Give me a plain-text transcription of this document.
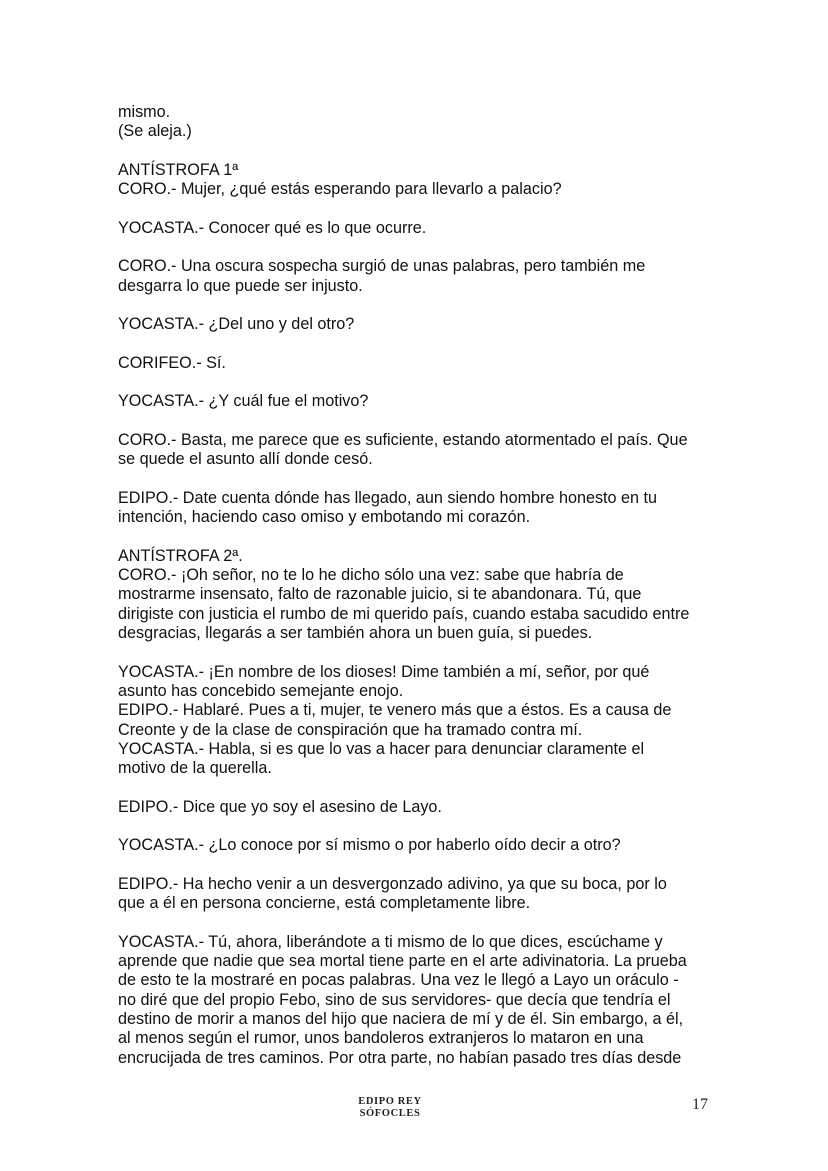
mismo.
(Se aleja.)
ANTÍSTROFA 1ª
CORO.- Mujer, ¿qué estás esperando para llevarlo a palacio?
YOCASTA.- Conocer qué es lo que ocurre.
CORO.- Una oscura sospecha surgió de unas palabras, pero también me
desgarra lo que puede ser injusto.
YOCASTA.- ¿Del uno y del otro?
CORIFEO.- Sí.
YOCASTA.- ¿Y cuál fue el motivo?
CORO.- Basta, me parece que es suficiente, estando atormentado el país. Que
se quede el asunto allí donde cesó.
EDIPO.- Date cuenta dónde has llegado, aun siendo hombre honesto en tu
intención, haciendo caso omiso y embotando mi corazón.
ANTÍSTROFA 2ª.
CORO.- ¡Oh señor, no te lo he dicho sólo una vez: sabe que habría de
mostrarme insensato, falto de razonable juicio, si te abandonara. Tú, que
dirigiste con justicia el rumbo de mi querido país, cuando estaba sacudido entre
desgracias, llegarás a ser también ahora un buen guía, si puedes.
YOCASTA.- ¡En nombre de los dioses! Dime también a mí, señor, por qué
asunto has concebido semejante enojo.
EDIPO.- Hablaré. Pues a ti, mujer, te venero más que a éstos. Es a causa de
Creonte y de la clase de conspiración que ha tramado contra mí.
YOCASTA.- Habla, si es que lo vas a hacer para denunciar claramente el
motivo de la querella.
EDIPO.- Dice que yo soy el asesino de Layo.
YOCASTA.- ¿Lo conoce por sí mismo o por haberlo oído decir a otro?
EDIPO.- Ha hecho venir a un desvergonzado adivino, ya que su boca, por lo
que a él en persona concierne, está completamente libre.
YOCASTA.- Tú, ahora, liberándote a ti mismo de lo que dices, escúchame y
aprende que nadie que sea mortal tiene parte en el arte adivinatoria. La prueba
de esto te la mostraré en pocas palabras. Una vez le llegó a Layo un oráculo -
no diré que del propio Febo, sino de sus servidores- que decía que tendría el
destino de morir a manos del hijo que naciera de mí y de él. Sin embargo, a él,
al menos según el rumor, unos bandoleros extranjeros lo mataron en una
encrucijada de tres caminos. Por otra parte, no habían pasado tres días desde
EDIPO REY
SÓFOCLES	17
